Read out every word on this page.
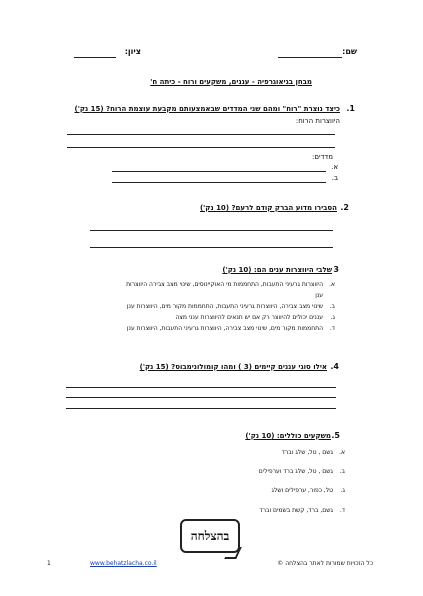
שם:
ציון:
מבחן בגיאוגרפיה - עננים, משקעים ורוח - כיתה ח'
1.
כיצד נוצרת "רוח" ומהם שני המדדים שבאמצעותם מקבעת עוצמת הרוח? (15 נק')
היווצרות הרוח:
מדדים:
א.
ב.
2.
הסבירו מדוע הברק קודם לרעם? (10 נק')
3
שלבי היווצרות ענים הם: (10 נק')
א.
היווצרות גרעיני התעבות, התחממות מי האוקיינוסים, שינוי מצב צבירה היווצרות
ענן
ב.
שינוי מצב צבירה, היווצרות גרעיני התעבות, התחממות מקור מים, היווצרות ענן
ג.
עננים יכולים להיווצר רק אם יש תנאים להיווצרות ענני מצה
ד.
התחממות מקור מים, שינוי מצב צבירה, היווצרות גרעיני התעבות, היווצרות ענן
4.
אילו סוגי עננים קיימים (3 ) ומהו קומולונימבוס? (15 נק')
5.
משקעים כוללים: (10 נק')
א.
גשם , טל, שלג וברד
ב.
גשם , טל, שלג ברד וערפילים
ג.
טל, כפור, ערפילים ושלג
ד.
גשם, ברד, קשת בשמים וברד
בהצלחה
1	www.behatzlacha.co.il	כל הזכויות שמורות לאתר בהצלחה ©
